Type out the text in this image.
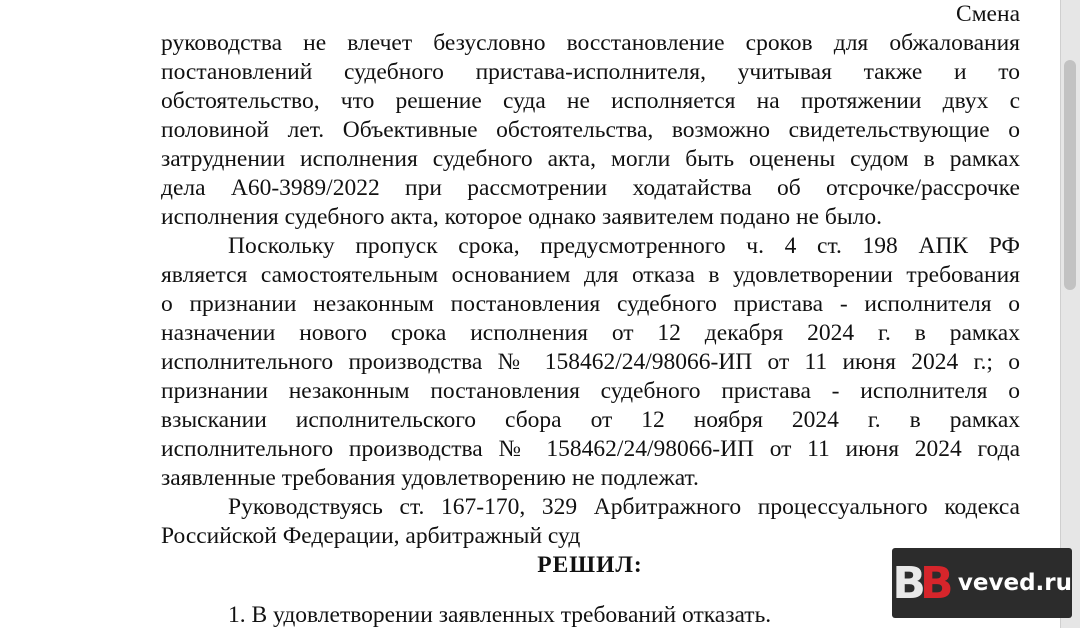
Смена
руководства не влечет безусловно восстановление сроков для обжалования
постановлений судебного пристава-исполнителя, учитывая также и то
обстоятельство, что решение суда не исполняется на протяжении двух с
половиной лет. Объективные обстоятельства, возможно свидетельствующие о
затруднении исполнения судебного акта, могли быть оценены судом в рамках
дела А60-3989/2022 при рассмотрении ходатайства об отсрочке/рассрочке
исполнения судебного акта, которое однако заявителем подано не было.
Поскольку пропуск срока, предусмотренного ч. 4 ст. 198 АПК РФ
является самостоятельным основанием для отказа в удовлетворении требования
о признании незаконным постановления судебного пристава - исполнителя о
назначении нового срока исполнения от 12 декабря 2024 г. в рамках
исполнительного производства № 158462/24/98066-ИП от 11 июня 2024 г.; о
признании незаконным постановления судебного пристава - исполнителя о
взыскании исполнительского сбора от 12 ноября 2024 г. в рамках
исполнительного производства № 158462/24/98066-ИП от 11 июня 2024 года
заявленные требования удовлетворению не подлежат.
Руководствуясь ст. 167-170, 329 Арбитражного процессуального кодекса
Российской Федерации, арбитражный суд
РЕШИЛ:
1. В удовлетворении заявленных требований отказать.
В В veved.ru
